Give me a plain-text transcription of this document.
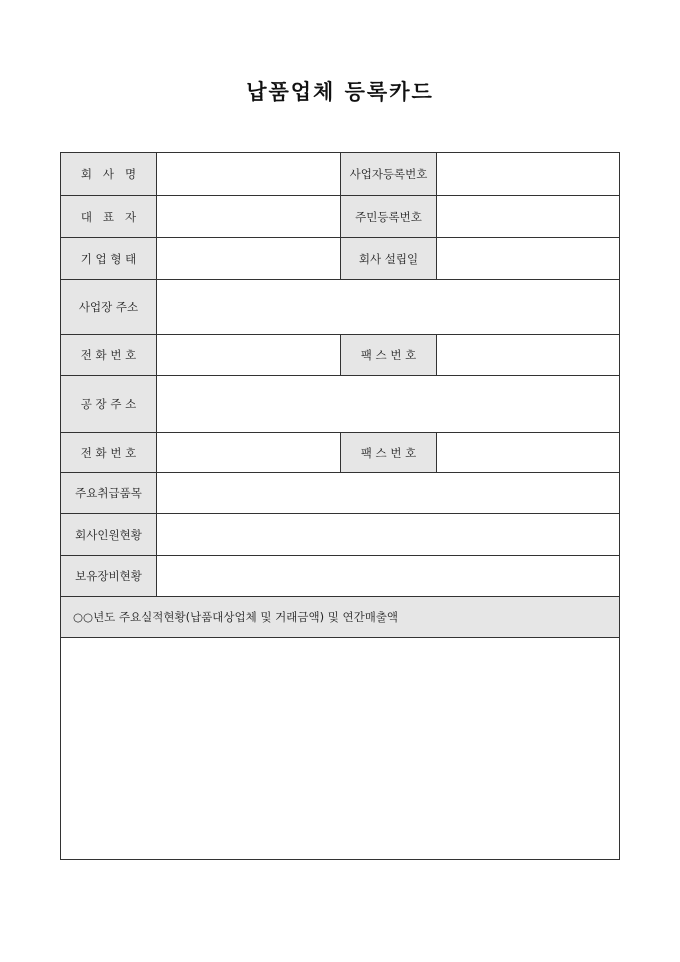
납품업체 등록카드
회   사   명	사업자등록번호
대   표   자	주민등록번호
기 업 형 태	회사 설립일
사업장 주소
전 화 번 호	팩 스 번 호
공 장 주 소
전 화 번 호	팩 스 번 호
주요취급품목
회사인원현황
보유장비현황
○○년도 주요실적현황(납품대상업체 및 거래금액) 및 연간매출액
